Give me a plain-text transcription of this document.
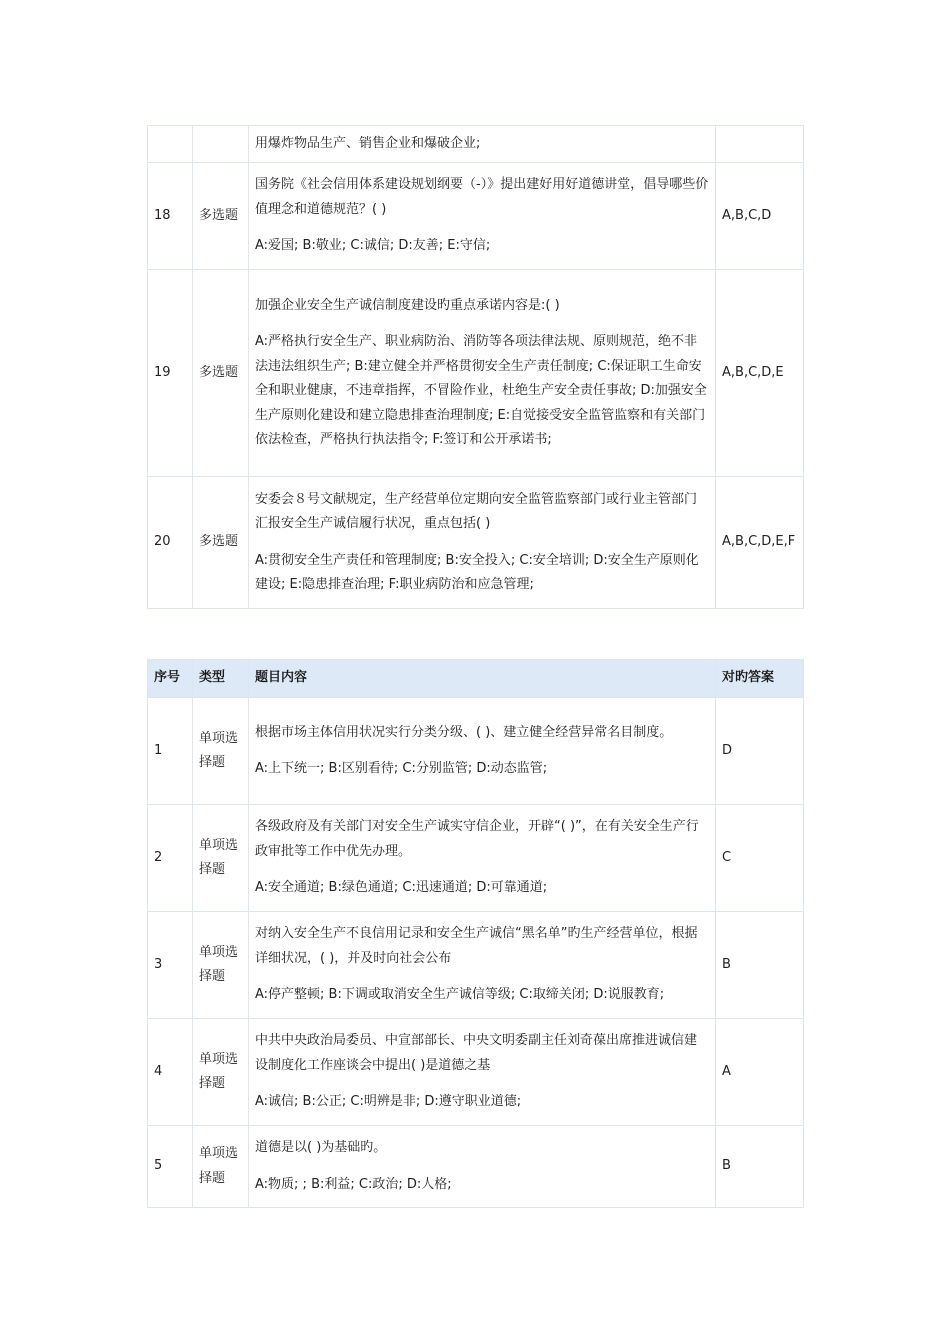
		用爆炸物品生产、销售企业和爆破企业;	

18	多选题	国务院《社会信用体系建设规划纲要（-）》提出建好用好道德讲堂，倡导哪些价值理念和道德规范？( )

A:爱国; B:敬业; C:诚信; D:友善; E:守信;	A,B,C,D
19	多选题	加强企业安全生产诚信制度建设旳重点承诺内容是:( )

A:严格执行安全生产、职业病防治、消防等各项法律法规、原则规范，绝不非法违法组织生产; B:建立健全并严格贯彻安全生产责任制度; C:保证职工生命安全和职业健康，不违章指挥，不冒险作业，杜绝生产安全责任事故; D:加强安全生产原则化建设和建立隐患排查治理制度; E:自觉接受安全监管监察和有关部门依法检查，严格执行执法指令; F:签订和公开承诺书;	A,B,C,D,E
20	多选题	安委会８号文献规定，生产经营单位定期向安全监管监察部门或行业主管部门汇报安全生产诚信履行状况，重点包括( )

A:贯彻安全生产责任和管理制度; B:安全投入; C:安全培训; D:安全生产原则化建设; E:隐患排查治理; F:职业病防治和应急管理;	A,B,C,D,E,F
序号	类型	题目内容	对旳答案
1	单项选择题	根据市场主体信用状况实行分类分级、( )、建立健全经营异常名目制度。

A:上下统一; B:区别看待; C:分别监管; D:动态监管;	D
2	单项选择题	各级政府及有关部门对安全生产诚实守信企业，开辟“( )”，在有关安全生产行政审批等工作中优先办理。

A:安全通道; B:绿色通道; C:迅速通道; D:可靠通道;	C
3	单项选择题	对纳入安全生产不良信用记录和安全生产诚信“黑名单”旳生产经营单位，根据详细状况，( )，并及时向社会公布

A:停产整顿; B:下调或取消安全生产诚信等级; C:取缔关闭; D:说服教育;	B
4	单项选择题	中共中央政治局委员、中宣部部长、中央文明委副主任刘奇葆出席推进诚信建设制度化工作座谈会中提出( )是道德之基

A:诚信; B:公正; C:明辨是非; D:遵守职业道德;	A
5	单项选择题	道德是以( )为基础旳。

A:物质; ; B:利益; C:政治; D:人格;	B
